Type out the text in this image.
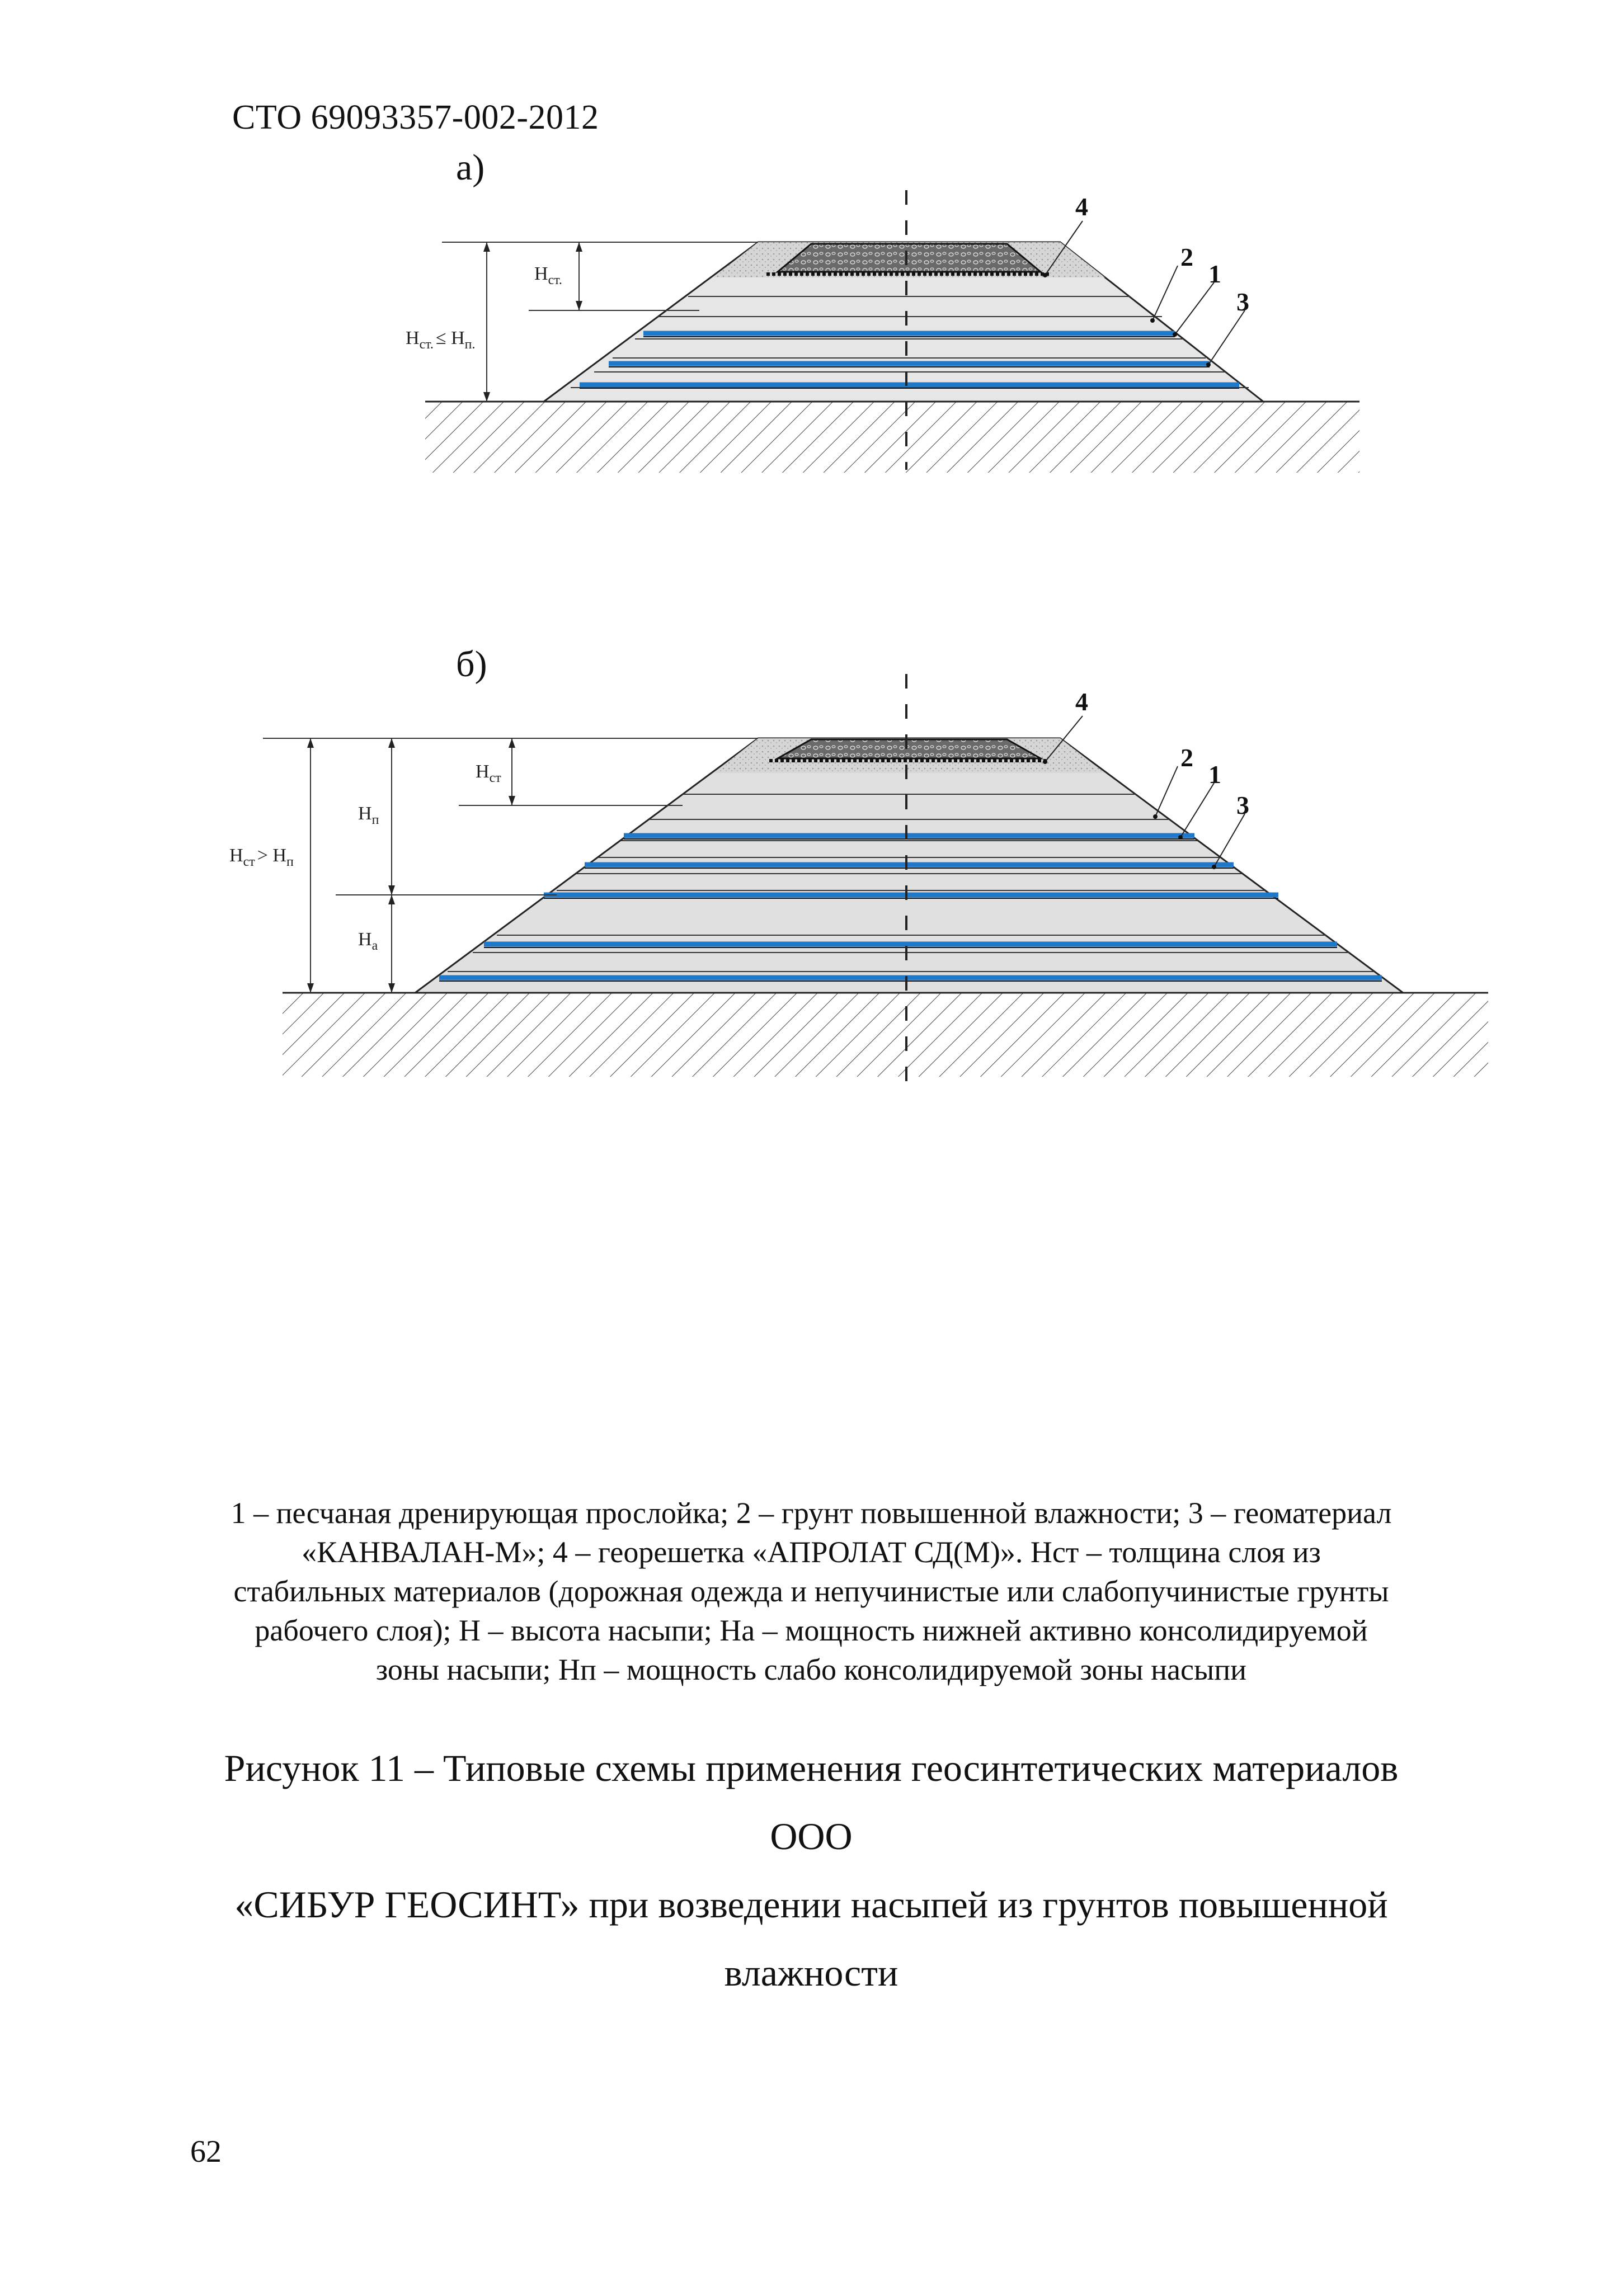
СТО 69093357-002-2012
а)
б)
$Н_{ст.}$
$Н_{ст.} \le Н_{п.}$
4
2
1
3
$Н_{ст}$
$Н_п$
$Н_а$
$Н_{ст} > Н_п$
4
2
1
3
1 – песчаная дренирующая прослойка; 2 – грунт повышенной влажности; 3 – геоматериал
«КАНВАЛАН-М»; 4 – георешетка «АПРОЛАТ СД(М)». Нст – толщина слоя из
стабильных материалов (дорожная одежда и непучинистые или слабопучинистые грунты
рабочего слоя); Н – высота насыпи; На – мощность нижней активно консолидируемой
зоны насыпи; Нп – мощность слабо консолидируемой зоны насыпи
Рисунок 11 – Типовые схемы применения геосинтетических материалов ООО
«СИБУР ГЕОСИНТ» при возведении насыпей из грунтов повышенной
влажности
62
